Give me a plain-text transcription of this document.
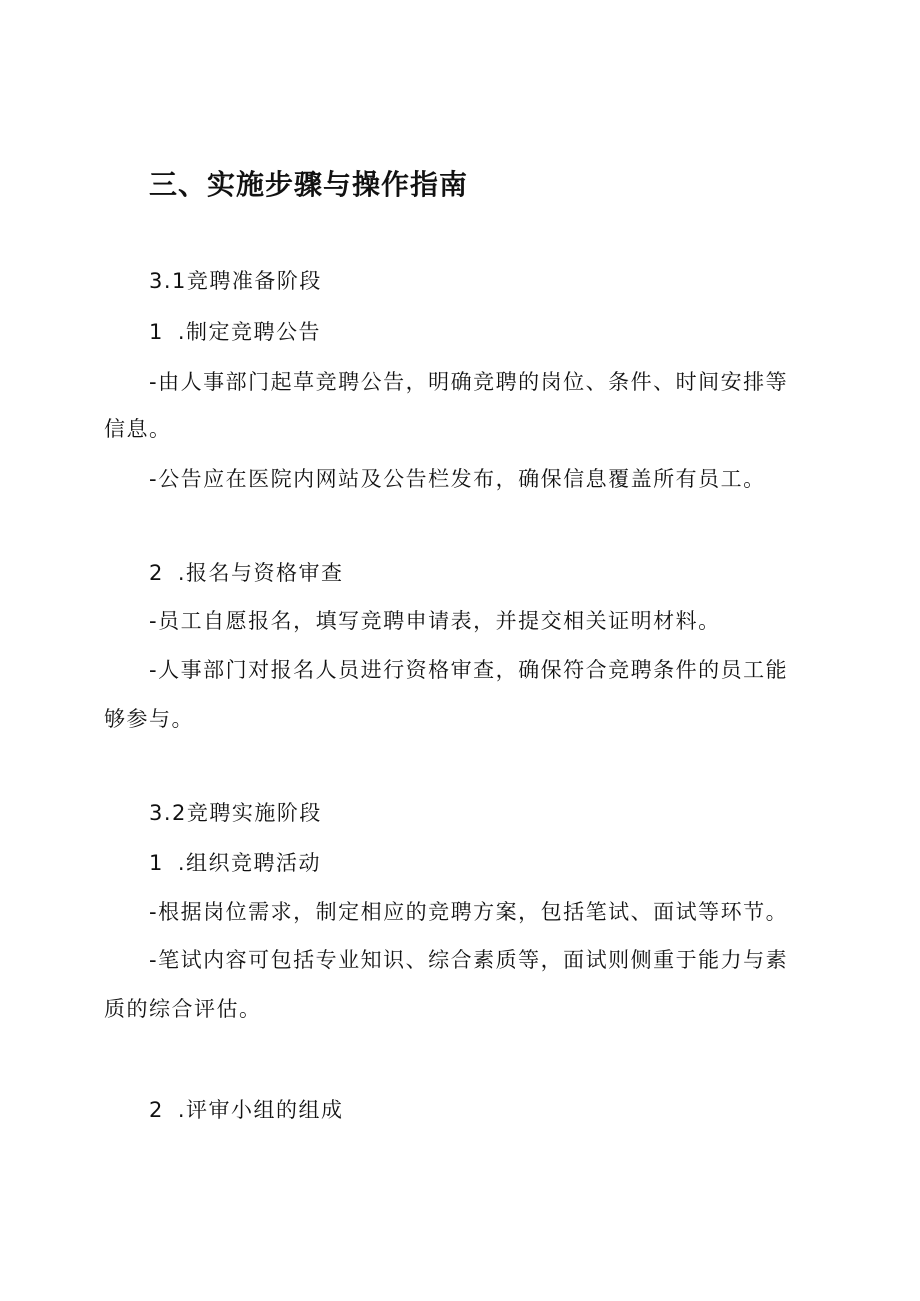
三、实施步骤与操作指南

3.1竞聘准备阶段

1 .制定竞聘公告

-由人事部门起草竞聘公告，明确竞聘的岗位、条件、时间安排等

信息。

-公告应在医院内网站及公告栏发布，确保信息覆盖所有员工。

2 .报名与资格审查

-员工自愿报名，填写竞聘申请表，并提交相关证明材料。

-人事部门对报名人员进行资格审查，确保符合竞聘条件的员工能

够参与。

3.2竞聘实施阶段

1 .组织竞聘活动

-根据岗位需求，制定相应的竞聘方案，包括笔试、面试等环节。

-笔试内容可包括专业知识、综合素质等，面试则侧重于能力与素

质的综合评估。

2 .评审小组的组成
